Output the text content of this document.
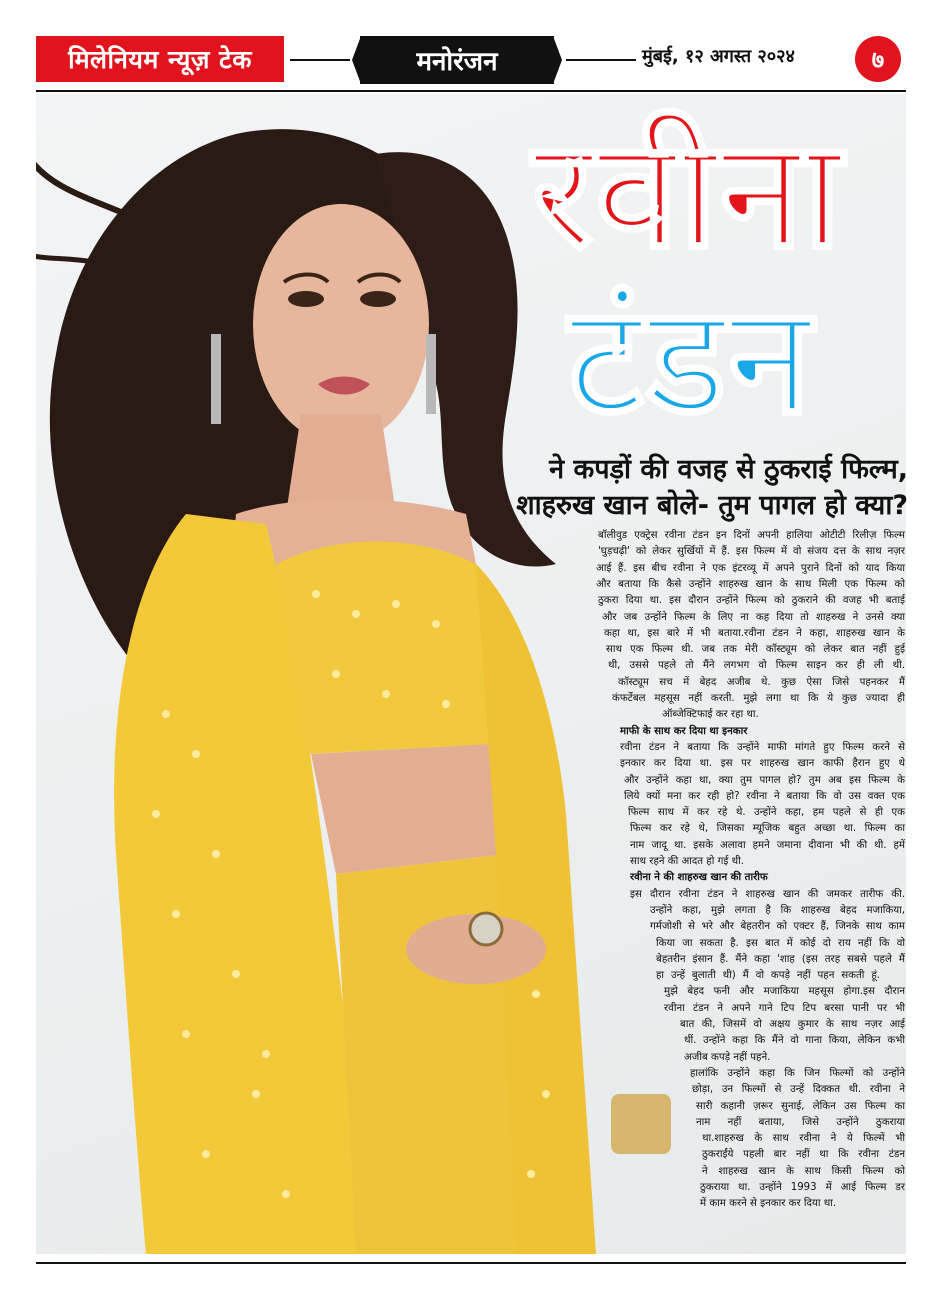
मिलेनियम न्यूज़ टेक	मनोरंजन	मुंबई, १२ अगस्त २०२४	७
रवीना
टंडन
ने कपड़ों की वजह से ठुकराई फिल्म,
शाहरुख खान बोले- तुम पागल हो क्या?
बॉलीवुड एक्ट्रेस रवीना टंडन इन दिनों अपनी हालिया ओटीटी रिलीज़ फिल्म
'घुड़चढ़ी' को लेकर सुर्खियों में हैं. इस फिल्म में वो संजय दत्त के साथ नज़र
आई हैं. इस बीच रवीना ने एक इंटरव्यू में अपने पुराने दिनों को याद किया
और बताया कि कैसे उन्होंने शाहरुख खान के साथ मिली एक फिल्म को
ठुकरा दिया था. इस दौरान उन्होंने फिल्म को ठुकराने की वजह भी बताई
और जब उन्होंने फिल्म के लिए ना कह दिया तो शाहरुख ने उनसे क्या
कहा था, इस बारे में भी बताया.रवीना टंडन ने कहा, शाहरुख खान के
साथ एक फिल्म थी. जब तक मेरी कॉस्ट्यूम को लेकर बात नहीं हुई
थी, उससे पहले तो मैंने लगभग वो फिल्म साइन कर ही ली थी.
कॉस्ट्यूम सच में बेहद अजीब थे. कुछ ऐसा जिसे पहनकर मैं
कंफर्टेबल महसूस नहीं करती. मुझे लगा था कि ये कुछ ज्यादा ही
ऑब्जेक्टिफाई कर रहा था.
माफी के साथ कर दिया था इनकार
रवीना टंडन ने बताया कि उन्होंने माफी मांगते हुए फिल्म करने से
इनकार कर दिया था. इस पर शाहरुख खान काफी हैरान हुए थे
और उन्होंने कहा था, क्या तुम पागल हो? तुम अब इस फिल्म के
लिये क्यों मना कर रही हो? रवीना ने बताया कि वो उस वक्त एक
फिल्म साथ में कर रहे थे. उन्होंने कहा, हम पहले से ही एक
फिल्म कर रहे थे, जिसका म्यूजिक बहुत अच्छा था. फिल्म का
नाम जादू था. इसके अलावा हमने जमाना दीवाना भी की थी. हमें
साथ रहने की आदत हो गई थी.
रवीना ने की शाहरुख खान की तारीफ
इस दौरान रवीना टंडन ने शाहरुख खान की जमकर तारीफ की.
उन्होंने कहा, मुझे लगता है कि शाहरुख बेहद मजाकिया,
गर्मजोशी से भरे और बेहतरीन को एक्टर हैं, जिनके साथ काम
किया जा सकता है. इस बात में कोई दो राय नहीं कि वो
बेहतरीन इंसान हैं. मैंने कहा 'शाह (इस तरह सबसे पहले मैं
हा उन्हें बुलाती थी) मैं वो कपड़े नहीं पहन सकती हूं.
मुझे बेहद फनी और मजाकिया महसूस होगा.इस दौरान
रवीना टंडन ने अपने गाने टिप टिप बरसा पानी पर भी
बात की, जिसमें वो अक्षय कुमार के साथ नज़र आई
थीं. उन्होंने कहा कि मैंने वो गाना किया, लेकिन कभी
अजीब कपड़े नहीं पहने.
हालांकि उन्होंने कहा कि जिन फिल्मों को उन्होंने
छोड़ा, उन फिल्मों से उन्हें दिक्कत थी. रवीना ने
सारी कहानी ज़रूर सुनाई, लेकिन उस फिल्म का
नाम नहीं बताया, जिसे उन्होंने ठुकराया
था.शाहरुख के साथ रवीना ने ये फिल्में भी
ठुकराईंये पहली बार नहीं था कि रवीना टंडन
ने शाहरुख खान के साथ किसी फिल्म को
ठुकराया था. उन्होंने 1993 में आई फिल्म डर
में काम करने से इनकार कर दिया था.
